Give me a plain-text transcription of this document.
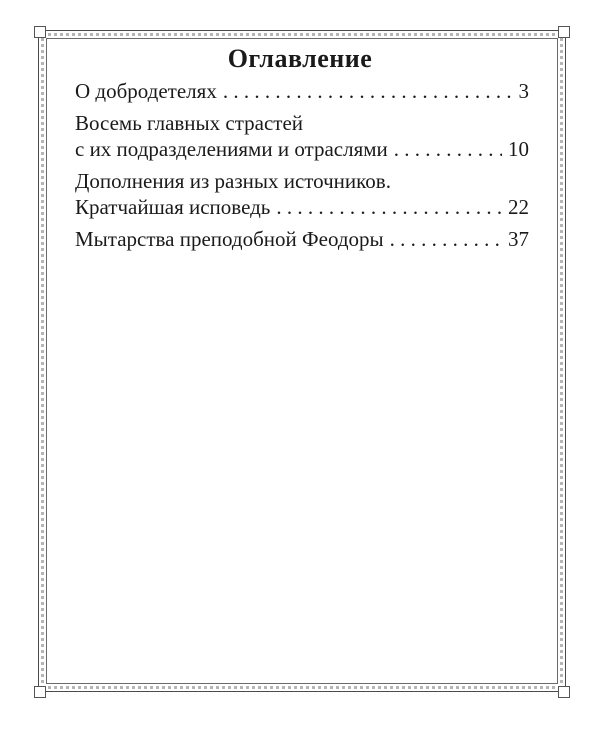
Оглавление
О добродетелях . . .	3
Восемь главных страстей
с их подразделениями и отраслями . . .	10
Дополнения из разных источников.
Кратчайшая исповедь . . .	22
Мытарства преподобной Феодоры . . .	37
